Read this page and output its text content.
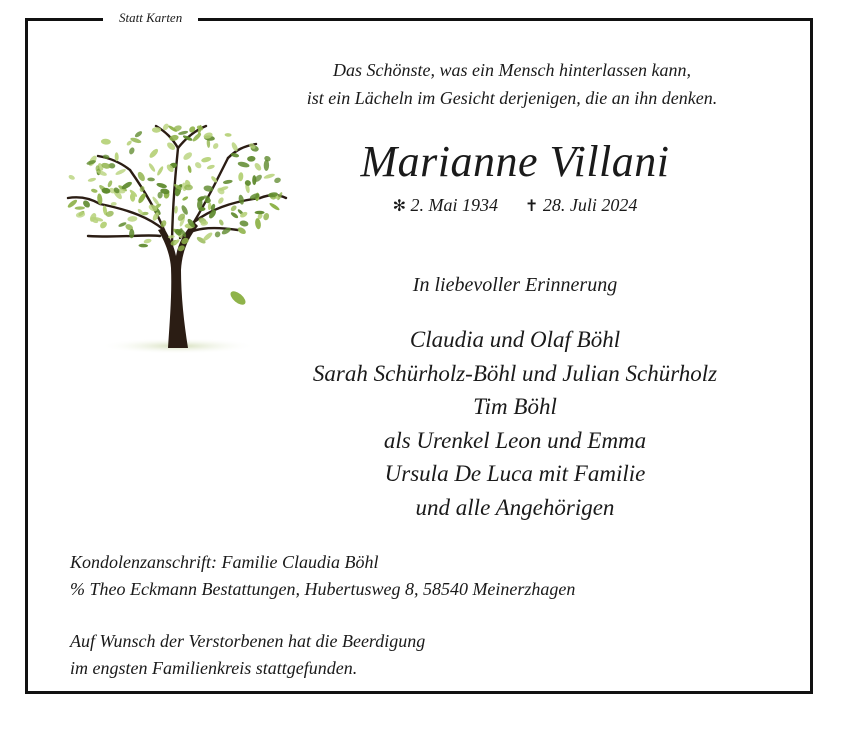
Statt Karten
Das Schönste, was ein Mensch hinterlassen kann,
ist ein Lächeln im Gesicht derjenigen, die an ihn denken.
Marianne Villani
✻ 2. Mai 1934 ✝ 28. Juli 2024
In liebevoller Erinnerung
Claudia und Olaf Böhl
Sarah Schürholz-Böhl und Julian Schürholz
Tim Böhl
als Urenkel Leon und Emma
Ursula De Luca mit Familie
und alle Angehörigen
Kondolenzanschrift: Familie Claudia Böhl
% Theo Eckmann Bestattungen, Hubertusweg 8, 58540 Meinerzhagen
Auf Wunsch der Verstorbenen hat die Beerdigung
im engsten Familienkreis stattgefunden.
